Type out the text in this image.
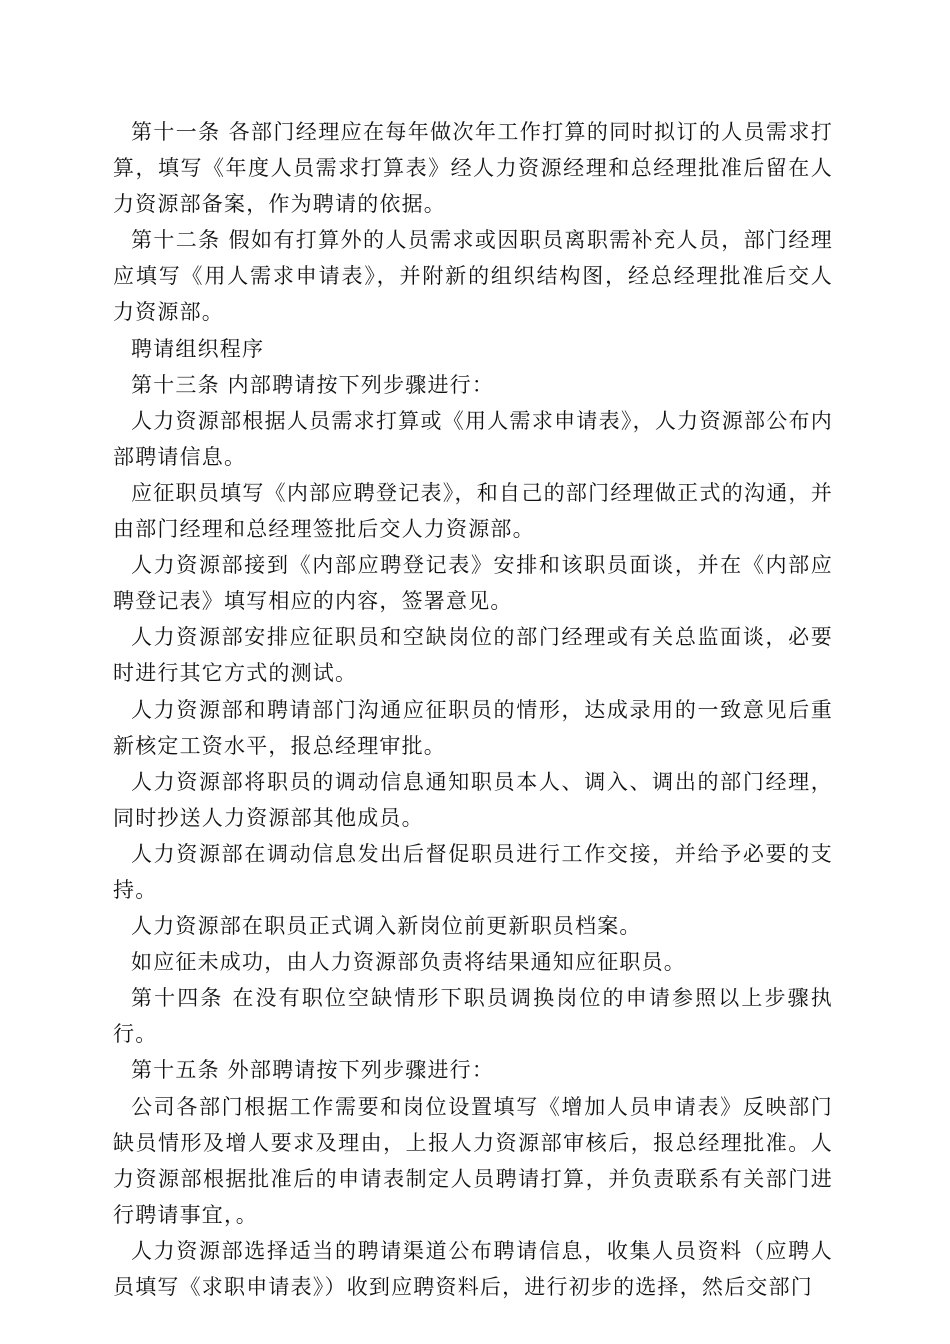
第十一条 各部门经理应在每年做次年工作打算的同时拟订的人员需求打算，填写《年度人员需求打算表》经人力资源经理和总经理批准后留在人力资源部备案，作为聘请的依据。

第十二条 假如有打算外的人员需求或因职员离职需补充人员，部门经理应填写《用人需求申请表》，并附新的组织结构图，经总经理批准后交人力资源部。

聘请组织程序

第十三条 内部聘请按下列步骤进行：

人力资源部根据人员需求打算或《用人需求申请表》，人力资源部公布内部聘请信息。

应征职员填写《内部应聘登记表》，和自己的部门经理做正式的沟通，并由部门经理和总经理签批后交人力资源部。

人力资源部接到《内部应聘登记表》安排和该职员面谈，并在《内部应聘登记表》填写相应的内容，签署意见。

人力资源部安排应征职员和空缺岗位的部门经理或有关总监面谈，必要时进行其它方式的测试。

人力资源部和聘请部门沟通应征职员的情形，达成录用的一致意见后重新核定工资水平，报总经理审批。

人力资源部将职员的调动信息通知职员本人、调入、调出的部门经理，同时抄送人力资源部其他成员。

人力资源部在调动信息发出后督促职员进行工作交接，并给予必要的支持。

人力资源部在职员正式调入新岗位前更新职员档案。

如应征未成功，由人力资源部负责将结果通知应征职员。

第十四条 在没有职位空缺情形下职员调换岗位的申请参照以上步骤执行。

第十五条 外部聘请按下列步骤进行：

公司各部门根据工作需要和岗位设置填写《增加人员申请表》反映部门缺员情形及增人要求及理由，上报人力资源部审核后，报总经理批准。人力资源部根据批准后的申请表制定人员聘请打算，并负责联系有关部门进行聘请事宜，。

人力资源部选择适当的聘请渠道公布聘请信息，收集人员资料（应聘人员填写《求职申请表》）收到应聘资料后，进行初步的选择，然后交部门
